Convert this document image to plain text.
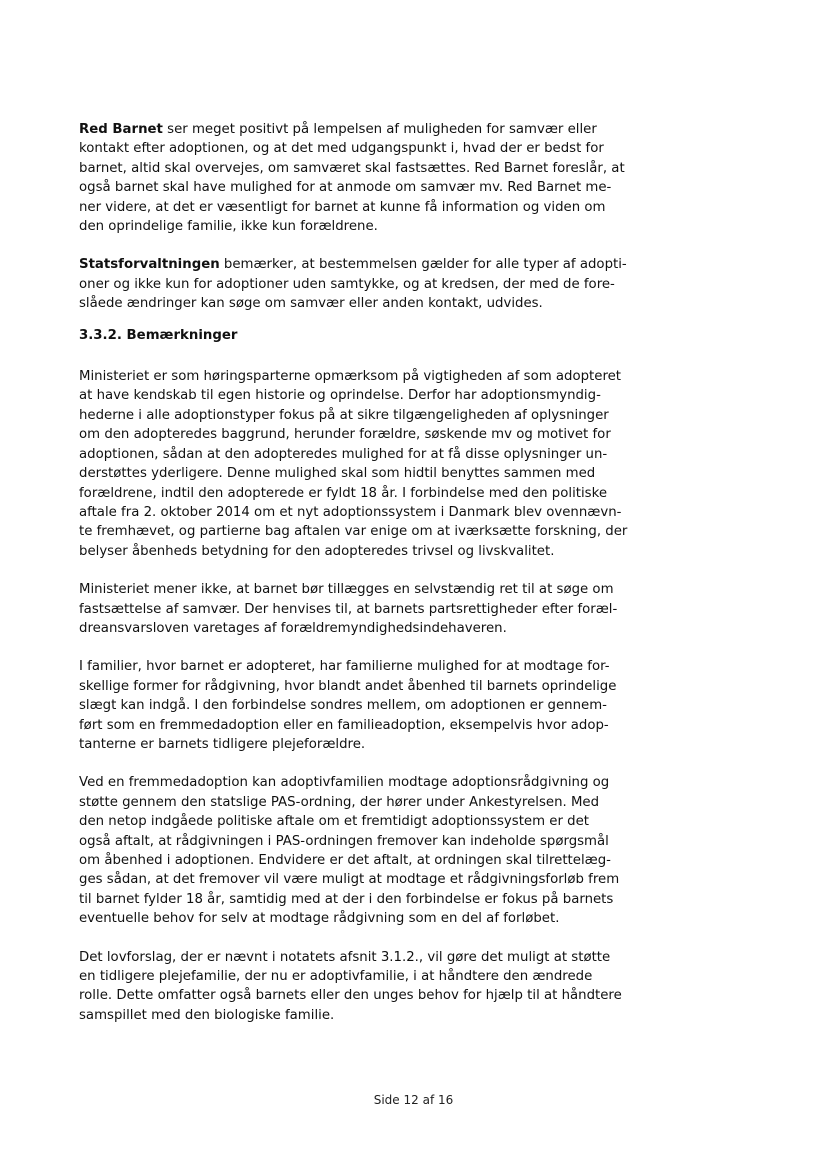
Red Barnet ser meget positivt på lempelsen af muligheden for samvær eller
kontakt efter adoptionen, og at det med udgangspunkt i, hvad der er bedst for
barnet, altid skal overvejes, om samværet skal fastsættes. Red Barnet foreslår, at
også barnet skal have mulighed for at anmode om samvær mv. Red Barnet me-
ner videre, at det er væsentligt for barnet at kunne få information og viden om
den oprindelige familie, ikke kun forældrene.

Statsforvaltningen bemærker, at bestemmelsen gælder for alle typer af adopti-
oner og ikke kun for adoptioner uden samtykke, og at kredsen, der med de fore-
slåede ændringer kan søge om samvær eller anden kontakt, udvides.

3.3.2. Bemærkninger

Ministeriet er som høringsparterne opmærksom på vigtigheden af som adopteret
at have kendskab til egen historie og oprindelse. Derfor har adoptionsmyndig-
hederne i alle adoptionstyper fokus på at sikre tilgængeligheden af oplysninger
om den adopteredes baggrund, herunder forældre, søskende mv og motivet for
adoptionen, sådan at den adopteredes mulighed for at få disse oplysninger un-
derstøttes yderligere. Denne mulighed skal som hidtil benyttes sammen med
forældrene, indtil den adopterede er fyldt 18 år. I forbindelse med den politiske
aftale fra 2. oktober 2014 om et nyt adoptionssystem i Danmark blev ovennævn-
te fremhævet, og partierne bag aftalen var enige om at iværksætte forskning, der
belyser åbenheds betydning for den adopteredes trivsel og livskvalitet.

Ministeriet mener ikke, at barnet bør tillægges en selvstændig ret til at søge om
fastsættelse af samvær. Der henvises til, at barnets partsrettigheder efter foræl-
dreansvarsloven varetages af forældremyndighedsindehaveren.

I familier, hvor barnet er adopteret, har familierne mulighed for at modtage for-
skellige former for rådgivning, hvor blandt andet åbenhed til barnets oprindelige
slægt kan indgå. I den forbindelse sondres mellem, om adoptionen er gennem-
ført som en fremmedadoption eller en familieadoption, eksempelvis hvor adop-
tanterne er barnets tidligere plejeforældre.

Ved en fremmedadoption kan adoptivfamilien modtage adoptionsrådgivning og
støtte gennem den statslige PAS-ordning, der hører under Ankestyrelsen. Med
den netop indgåede politiske aftale om et fremtidigt adoptionssystem er det
også aftalt, at rådgivningen i PAS-ordningen fremover kan indeholde spørgsmål
om åbenhed i adoptionen. Endvidere er det aftalt, at ordningen skal tilrettelæg-
ges sådan, at det fremover vil være muligt at modtage et rådgivningsforløb frem
til barnet fylder 18 år, samtidig med at der i den forbindelse er fokus på barnets
eventuelle behov for selv at modtage rådgivning som en del af forløbet.

Det lovforslag, der er nævnt i notatets afsnit 3.1.2., vil gøre det muligt at støtte
en tidligere plejefamilie, der nu er adoptivfamilie, i at håndtere den ændrede
rolle. Dette omfatter også barnets eller den unges behov for hjælp til at håndtere
samspillet med den biologiske familie.

Side 12 af 16
